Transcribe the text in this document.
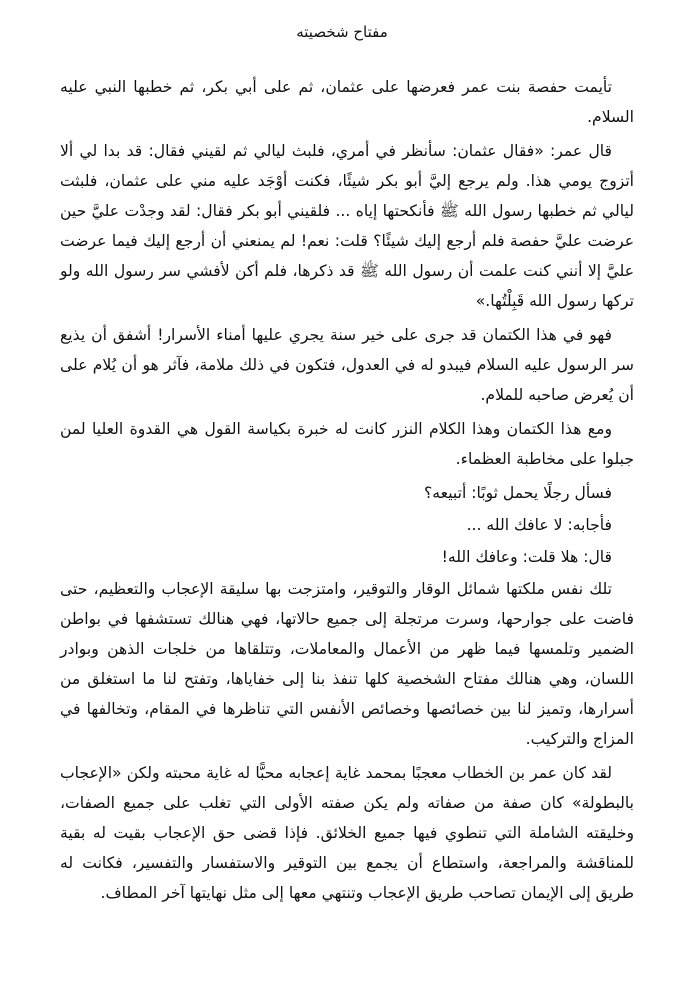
مفتاح شخصيته

تأيمت حفصة بنت عمر فعرضها على عثمان، ثم على أبي بكر، ثم خطبها النبي عليه السلام.

قال عمر: «فقال عثمان: سأنظر في أمري، فلبث ليالي ثم لقيني فقال: قد بدا لي ألا أتزوج يومي هذا. ولم يرجع إليَّ أبو بكر شيئًا، فكنت أوْجَد عليه مني على عثمان، فلبثت ليالي ثم خطبها رسول الله ﷺ فأنكحتها إياه ... فلقيني أبو بكر فقال: لقد وجدْت عليَّ حين عرضت عليَّ حفصة فلم أرجع إليك شيئًا؟ قلت: نعم! لم يمنعني أن أرجع إليك فيما عرضت عليَّ إلا أنني كنت علمت أن رسول الله ﷺ قد ذكرها، فلم أكن لأفشي سر رسول الله ولو تركها رسول الله قَبِلْتُها.»

فهو في هذا الكتمان قد جرى على خير سنة يجري عليها أمناء الأسرار! أشفق أن يذيع سر الرسول عليه السلام فيبدو له في العدول، فتكون في ذلك ملامة، فآثر هو أن يُلام على أن يُعرض صاحبه للملام.

ومع هذا الكتمان وهذا الكلام النزر كانت له خبرة بكياسة القول هي القدوة العليا لمن جبلوا على مخاطبة العظماء.

فسأل رجلًا يحمل ثوبًا: أتبيعه؟

فأجابه: لا عافك الله ...

قال: هلا قلت: وعافك الله!

تلك نفس ملكتها شمائل الوقار والتوقير، وامتزجت بها سليقة الإعجاب والتعظيم، حتى فاضت على جوارحها، وسرت مرتجلة إلى جميع حالاتها، فهي هنالك تستشفها في بواطن الضمير وتلمسها فيما ظهر من الأعمال والمعاملات، وتتلقاها من خلجات الذهن وبوادر اللسان، وهي هنالك مفتاح الشخصية كلها تنفذ بنا إلى خفاياها، وتفتح لنا ما استغلق من أسرارها، وتميز لنا بين خصائصها وخصائص الأنفس التي تناظرها في المقام، وتخالفها في المزاج والتركيب.

لقد كان عمر بن الخطاب معجبًا بمحمد غاية إعجابه محبًّا له غاية محبته ولكن «الإعجاب بالبطولة» كان صفة من صفاته ولم يكن صفته الأولى التي تغلب على جميع الصفات، وخليقته الشاملة التي تنطوي فيها جميع الخلائق. فإذا قضى حق الإعجاب بقيت له بقية للمناقشة والمراجعة، واستطاع أن يجمع بين التوقير والاستفسار والتفسير، فكانت له طريق إلى الإيمان تصاحب طريق الإعجاب وتنتهي معها إلى مثل نهايتها آخر المطاف.
